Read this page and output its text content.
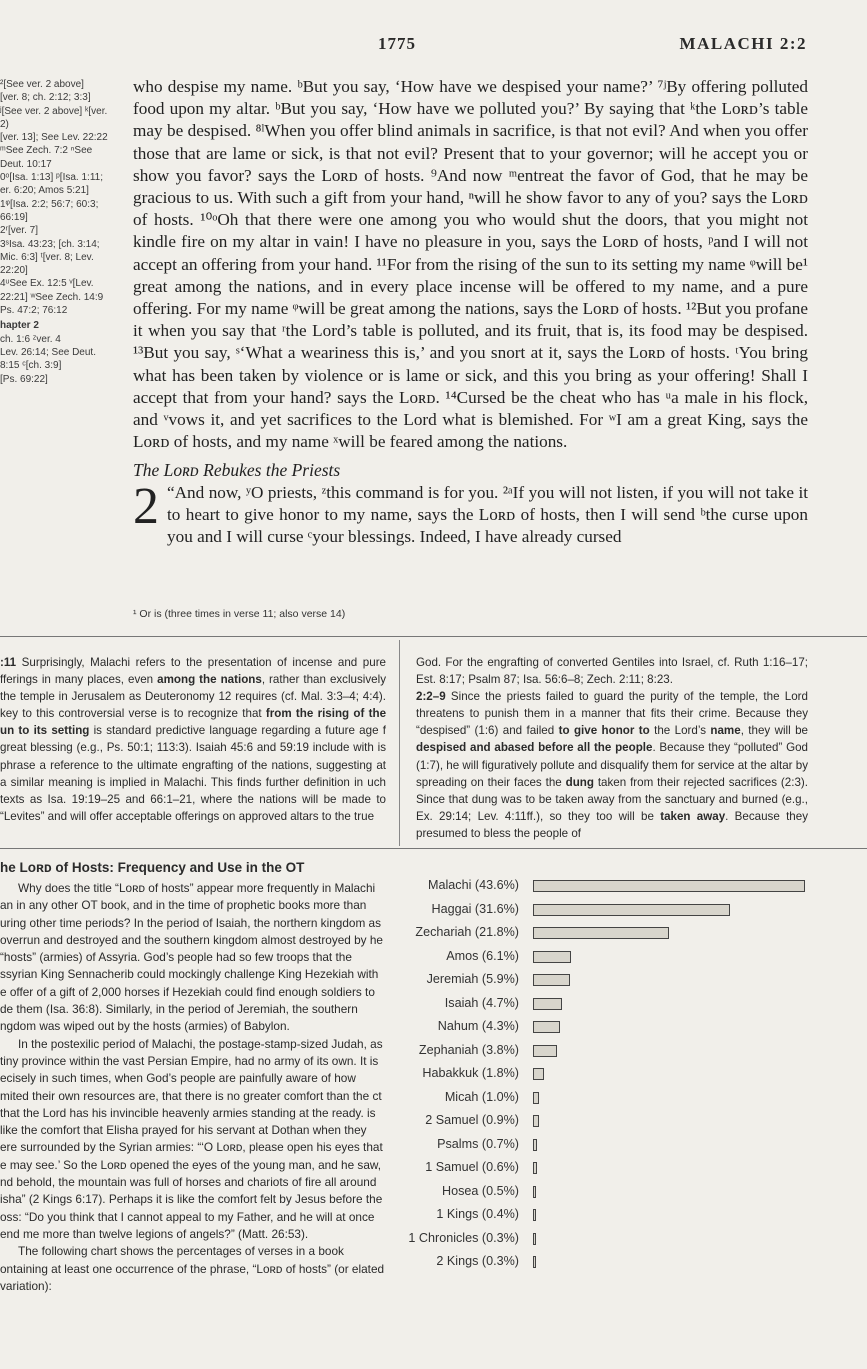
1775	MALACHI 2:2
²[See ver. 2 above]
[ver. 8; ch. 2:12; 3:3]
ʲ[See ver. 2 above] ᵏ[ver.
2)
[ver. 13]; See Lev. 22:22
ᵐSee Zech. 7:2 ⁿSee
Deut. 10:17
0ᵒ[Isa. 1:13] ᵖ[Isa. 1:11;
er. 6:20; Amos 5:21]
1ᵠ[Isa. 2:2; 56:7; 60:3;
66:19]
2ʳ[ver. 7]
3ˢIsa. 43:23; [ch. 3:14;
Mic. 6:3] ᵗ[ver. 8; Lev.
22:20]
4ᵘSee Ex. 12:5 ᵛ[Lev.
22:21] ʷSee Zech. 14:9
Ps. 47:2; 76:12
hapter 2
ch. 1:6 ᶻver. 4
Lev. 26:14; See Deut.
8:15 ᶜ[ch. 3:9]
[Ps. 69:22]

who despise my name. ᵇBut you say, ‘How have we despised your name?’ ⁷ʲBy offering polluted food upon my altar. ᵇBut you say, ‘How have we polluted you?’ By saying that ᵏthe Lᴏʀᴅ’s table may be despised. ⁸ˡWhen you offer blind animals in sacrifice, is that not evil? And when you offer those that are lame or sick, is that not evil? Present that to your governor; will he accept you or show you favor? says the Lᴏʀᴅ of hosts. ⁹And now ᵐentreat the favor of God, that he may be gracious to us. With such a gift from your hand, ⁿwill he show favor to any of you? says the Lᴏʀᴅ of hosts. ¹⁰ᵒOh that there were one among you who would shut the doors, that you might not kindle fire on my altar in vain! I have no pleasure in you, says the Lᴏʀᴅ of hosts, ᵖand I will not accept an offering from your hand. ¹¹For from the rising of the sun to its setting my name ᵠwill be¹ great among the nations, and in every place incense will be offered to my name, and a pure offering. For my name ᵠwill be great among the nations, says the Lᴏʀᴅ of hosts. ¹²But you profane it when you say that ʳthe Lord’s table is polluted, and its fruit, that is, its food may be despised. ¹³But you say, ˢ‘What a weariness this is,’ and you snort at it, says the Lᴏʀᴅ of hosts. ᵗYou bring what has been taken by violence or is lame or sick, and this you bring as your offering! Shall I accept that from your hand? says the Lᴏʀᴅ. ¹⁴Cursed be the cheat who has ᵘa male in his flock, and ᵛvows it, and yet sacrifices to the Lord what is blemished. For ʷI am a great King, says the Lᴏʀᴅ of hosts, and my name ˣwill be feared among the nations.

The Lᴏʀᴅ Rebukes the Priests

2 “And now, ʸO priests, ᶻthis command is for you. ²ᵃIf you will not listen, if you will not take it to heart to give honor to my name, says the Lᴏʀᴅ of hosts, then I will send ᵇthe curse upon you and I will curse ᶜyour blessings. Indeed, I have already cursed

¹ Or is (three times in verse 11; also verse 14)
:11 Surprisingly, Malachi refers to the presentation of incense and pure fferings in many places, even among the nations, rather than exclusively the temple in Jerusalem as Deuteronomy 12 requires (cf. Mal. 3:3–4; 4:4). key to this controversial verse is to recognize that from the rising of the un to its setting is standard predictive language regarding a future age f great blessing (e.g., Ps. 50:1; 113:3). Isaiah 45:6 and 59:19 include with is phrase a reference to the ultimate engrafting of the nations, suggesting at a similar meaning is implied in Malachi. This finds further definition in uch texts as Isa. 19:19–25 and 66:1–21, where the nations will be made to “Levites” and will offer acceptable offerings on approved altars to the true
God. For the engrafting of converted Gentiles into Israel, cf. Ruth 1:16–17; Est. 8:17; Psalm 87; Isa. 56:6–8; Zech. 2:11; 8:23.
2:2–9 Since the priests failed to guard the purity of the temple, the Lord threatens to punish them in a manner that fits their crime. Because they “despised” (1:6) and failed to give honor to the Lord’s name, they will be despised and abased before all the people. Because they “polluted” God (1:7), he will figuratively pollute and disqualify them for service at the altar by spreading on their faces the dung taken from their rejected sacrifices (2:3). Since that dung was to be taken away from the sanctuary and burned (e.g., Ex. 29:14; Lev. 4:11ff.), so they too will be taken away. Because they presumed to bless the people of
he Lᴏʀᴅ of Hosts: Frequency and Use in the OT

Why does the title “Lᴏʀᴅ of hosts” appear more frequently in Malachi an in any other OT book, and in the time of prophetic books more than uring other time periods? In the period of Isaiah, the northern kingdom as overrun and destroyed and the southern kingdom almost destroyed by he “hosts” (armies) of Assyria. God’s people had so few troops that the ssyrian King Sennacherib could mockingly challenge King Hezekiah with e offer of a gift of 2,000 horses if Hezekiah could find enough soldiers to de them (Isa. 36:8). Similarly, in the period of Jeremiah, the southern ngdom was wiped out by the hosts (armies) of Babylon.

In the postexilic period of Malachi, the postage-stamp-sized Judah, as tiny province within the vast Persian Empire, had no army of its own. It is ecisely in such times, when God’s people are painfully aware of how mited their own resources are, that there is no greater comfort than the ct that the Lord has his invincible heavenly armies standing at the ready. is like the comfort that Elisha prayed for his servant at Dothan when they ere surrounded by the Syrian armies: “‘O Lᴏʀᴅ, please open his eyes that e may see.’ So the Lᴏʀᴅ opened the eyes of the young man, and he saw, nd behold, the mountain was full of horses and chariots of fire all around isha” (2 Kings 6:17). Perhaps it is like the comfort felt by Jesus before the oss: “Do you think that I cannot appeal to my Father, and he will at once end me more than twelve legions of angels?” (Matt. 26:53).

The following chart shows the percentages of verses in a book ontaining at least one occurrence of the phrase, “Lᴏʀᴅ of hosts” (or elated variation):

Malachi (43.6%)
Haggai (31.6%)
Zechariah (21.8%)
Amos (6.1%)
Jeremiah (5.9%)
Isaiah (4.7%)
Nahum (4.3%)
Zephaniah (3.8%)
Habakkuk (1.8%)
Micah (1.0%)
2 Samuel (0.9%)
Psalms (0.7%)
1 Samuel (0.6%)
Hosea (0.5%)
1 Kings (0.4%)
1 Chronicles (0.3%)
2 Kings (0.3%)
